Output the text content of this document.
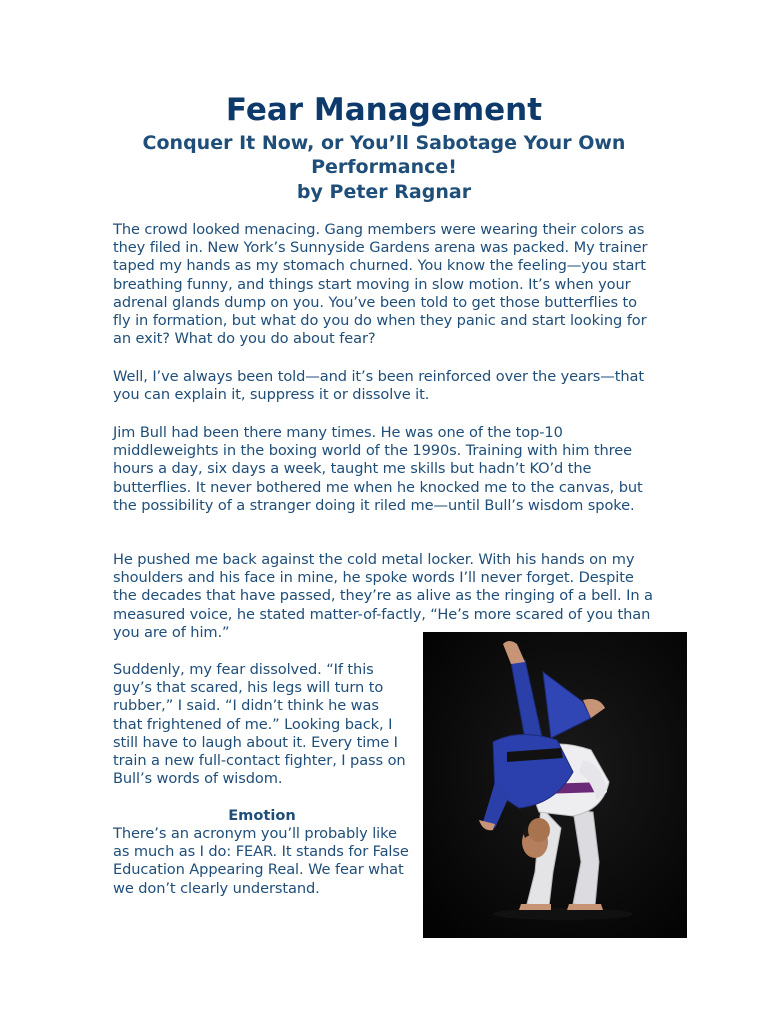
Fear Management
Conquer It Now, or You’ll Sabotage Your Own Performance!
by Peter Ragnar

The crowd looked menacing. Gang members were wearing their colors as they filed in. New York’s Sunnyside Gardens arena was packed. My trainer taped my hands as my stomach churned. You know the feeling—you start breathing funny, and things start moving in slow motion. It’s when your adrenal glands dump on you. You’ve been told to get those butterflies to fly in formation, but what do you do when they panic and start looking for an exit? What do you do about fear?

Well, I’ve always been told—and it’s been reinforced over the years—that you can explain it, suppress it or dissolve it.

Jim Bull had been there many times. He was one of the top-10 middleweights in the boxing world of the 1990s. Training with him three hours a day, six days a week, taught me skills but hadn’t KO’d the butterflies. It never bothered me when he knocked me to the canvas, but the possibility of a stranger doing it riled me—until Bull’s wisdom spoke.

He pushed me back against the cold metal locker. With his hands on my shoulders and his face in mine, he spoke words I’ll never forget. Despite the decades that have passed, they’re as alive as the ringing of a bell. In a measured voice, he stated matter-of-factly, “He’s more scared of you than you are of him.”

Suddenly, my fear dissolved. “If this guy’s that scared, his legs will turn to rubber,” I said. “I didn’t think he was that frightened of me.” Looking back, I still have to laugh about it. Every time I train a new full-contact fighter, I pass on Bull’s words of wisdom.

Emotion

There’s an acronym you’ll probably like as much as I do: FEAR. It stands for False Education Appearing Real. We fear what we don’t clearly understand.
